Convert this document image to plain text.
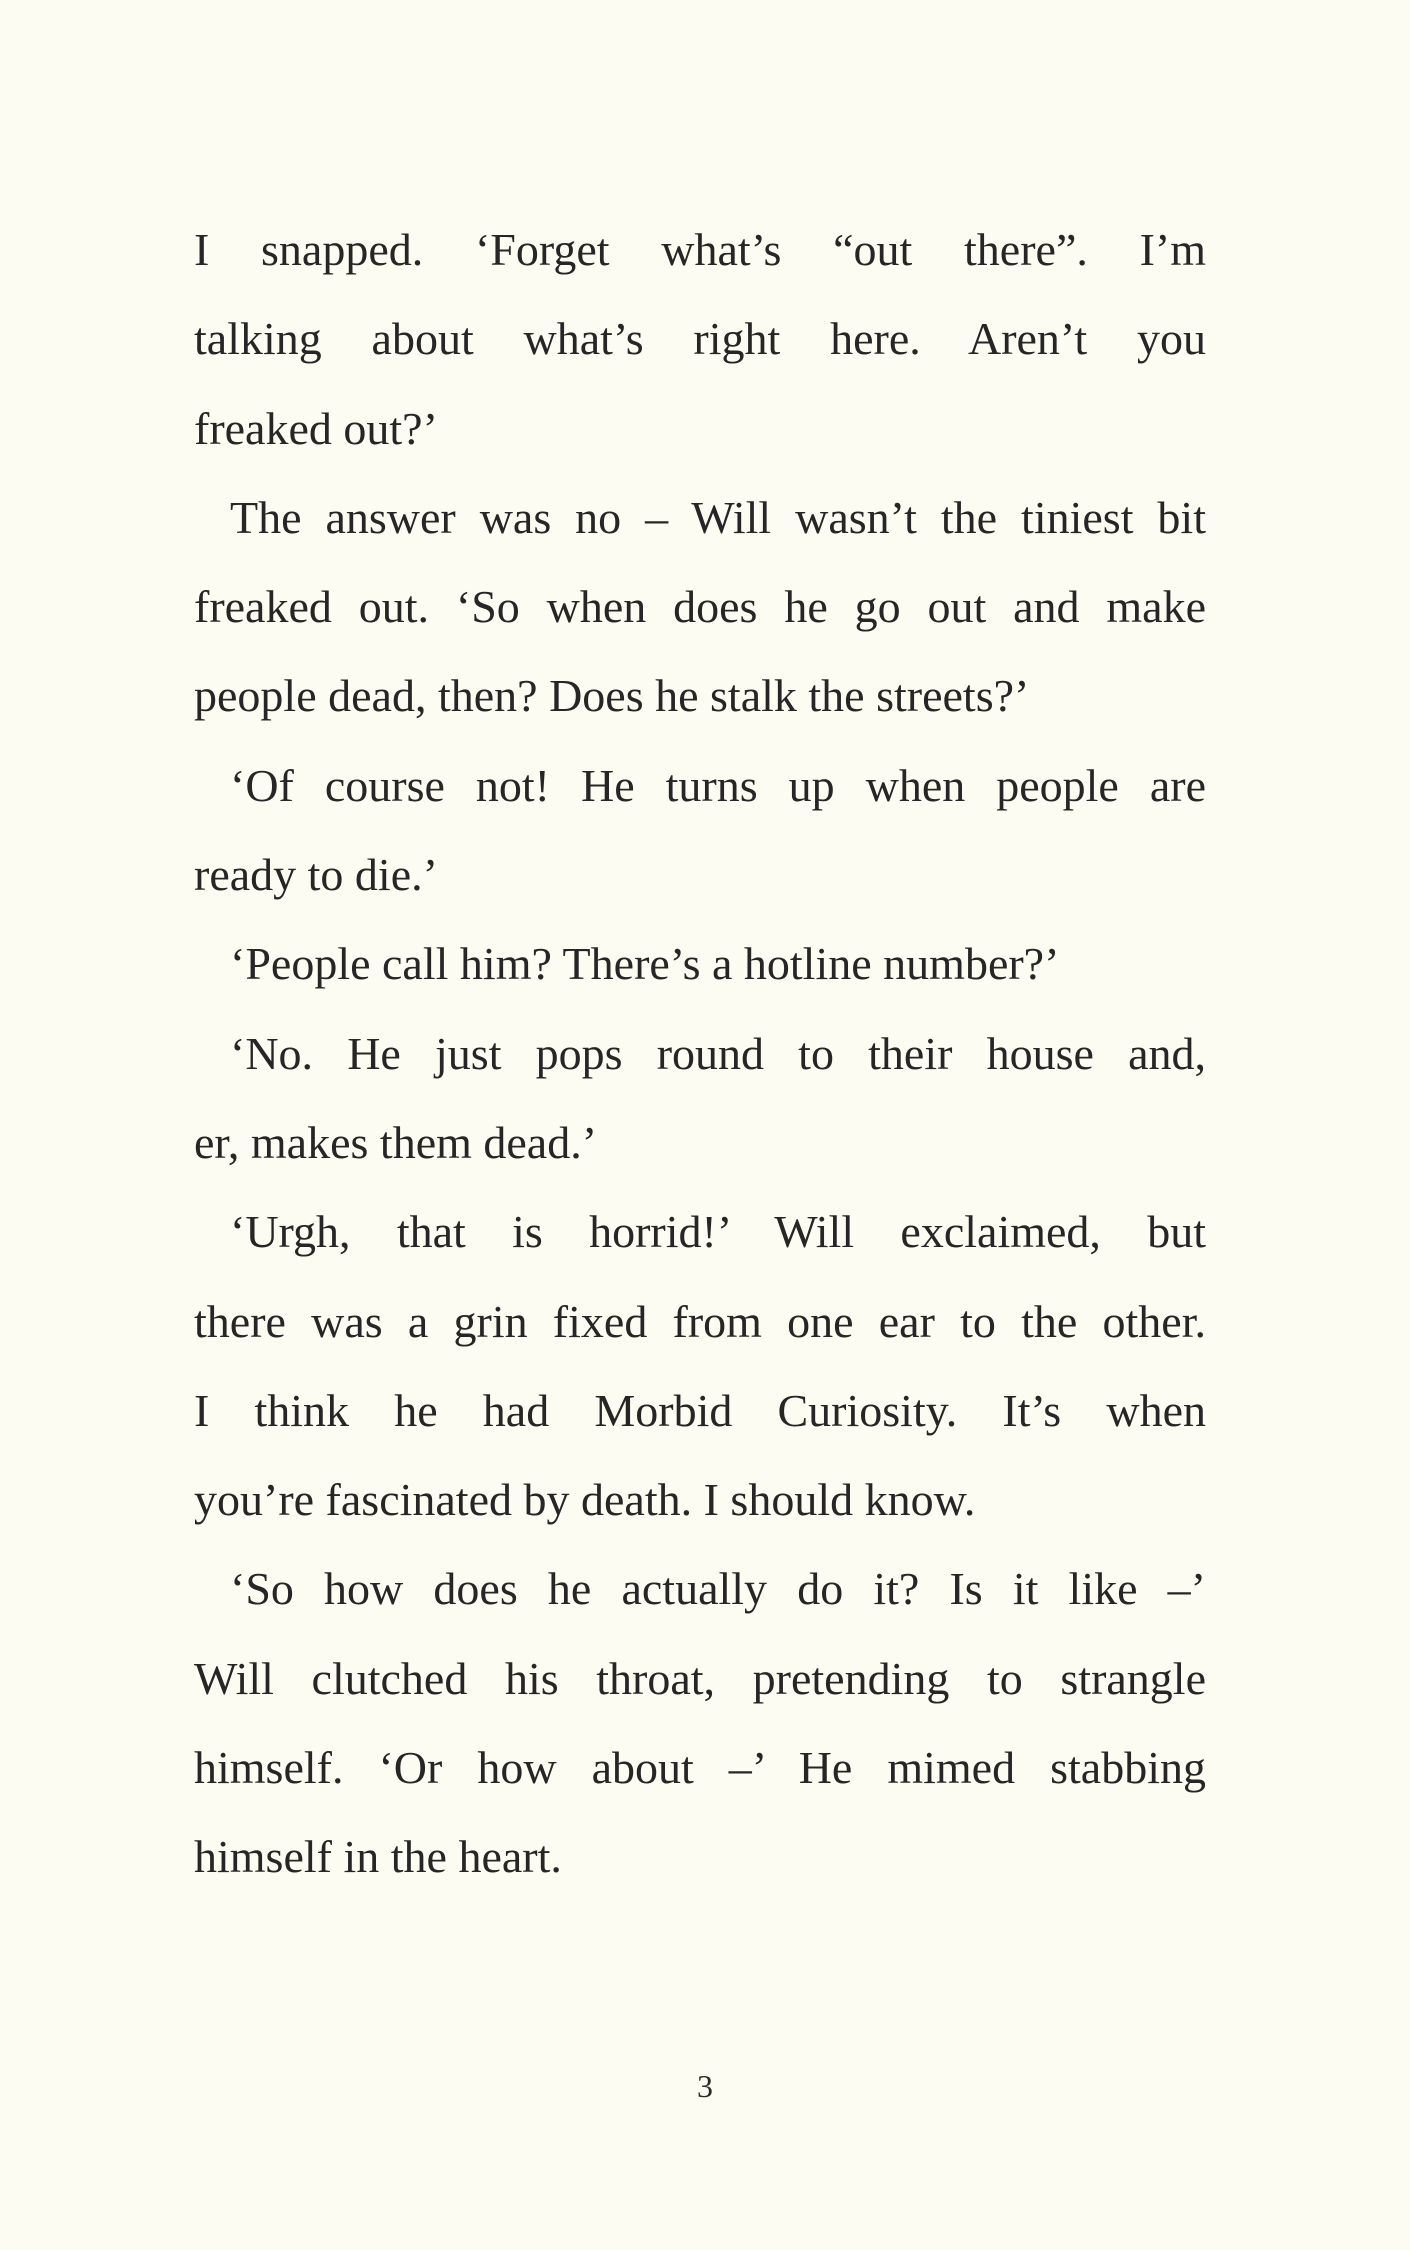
I snapped. ‘Forget what’s “out there”. I’m
talking about what’s right here. Aren’t you
freaked out?’
The answer was no – Will wasn’t the tiniest bit
freaked out. ‘So when does he go out and make
people dead, then? Does he stalk the streets?’
‘Of course not! He turns up when people are
ready to die.’
‘People call him? There’s a hotline number?’
‘No. He just pops round to their house and,
er, makes them dead.’
‘Urgh, that is horrid!’ Will exclaimed, but
there was a grin fixed from one ear to the other.
I think he had Morbid Curiosity. It’s when
you’re fascinated by death. I should know.
‘So how does he actually do it? Is it like –’
Will clutched his throat, pretending to strangle
himself. ‘Or how about –’ He mimed stabbing
himself in the heart.
3
